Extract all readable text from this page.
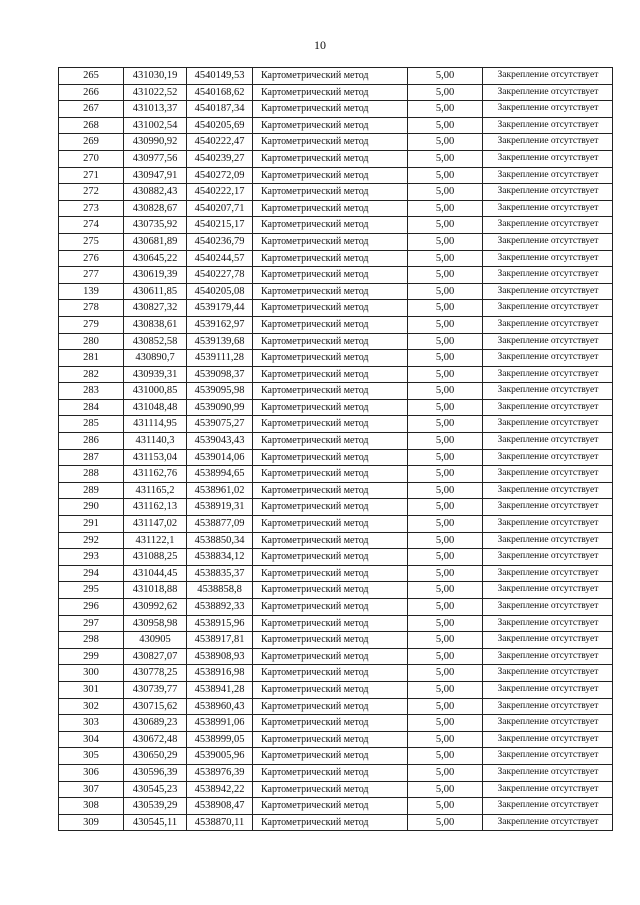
10
265	431030,19	4540149,53	Картометрический метод	5,00	Закрепление отсутствует
266	431022,52	4540168,62	Картометрический метод	5,00	Закрепление отсутствует
267	431013,37	4540187,34	Картометрический метод	5,00	Закрепление отсутствует
268	431002,54	4540205,69	Картометрический метод	5,00	Закрепление отсутствует
269	430990,92	4540222,47	Картометрический метод	5,00	Закрепление отсутствует
270	430977,56	4540239,27	Картометрический метод	5,00	Закрепление отсутствует
271	430947,91	4540272,09	Картометрический метод	5,00	Закрепление отсутствует
272	430882,43	4540222,17	Картометрический метод	5,00	Закрепление отсутствует
273	430828,67	4540207,71	Картометрический метод	5,00	Закрепление отсутствует
274	430735,92	4540215,17	Картометрический метод	5,00	Закрепление отсутствует
275	430681,89	4540236,79	Картометрический метод	5,00	Закрепление отсутствует
276	430645,22	4540244,57	Картометрический метод	5,00	Закрепление отсутствует
277	430619,39	4540227,78	Картометрический метод	5,00	Закрепление отсутствует
139	430611,85	4540205,08	Картометрический метод	5,00	Закрепление отсутствует
278	430827,32	4539179,44	Картометрический метод	5,00	Закрепление отсутствует
279	430838,61	4539162,97	Картометрический метод	5,00	Закрепление отсутствует
280	430852,58	4539139,68	Картометрический метод	5,00	Закрепление отсутствует
281	430890,7	4539111,28	Картометрический метод	5,00	Закрепление отсутствует
282	430939,31	4539098,37	Картометрический метод	5,00	Закрепление отсутствует
283	431000,85	4539095,98	Картометрический метод	5,00	Закрепление отсутствует
284	431048,48	4539090,99	Картометрический метод	5,00	Закрепление отсутствует
285	431114,95	4539075,27	Картометрический метод	5,00	Закрепление отсутствует
286	431140,3	4539043,43	Картометрический метод	5,00	Закрепление отсутствует
287	431153,04	4539014,06	Картометрический метод	5,00	Закрепление отсутствует
288	431162,76	4538994,65	Картометрический метод	5,00	Закрепление отсутствует
289	431165,2	4538961,02	Картометрический метод	5,00	Закрепление отсутствует
290	431162,13	4538919,31	Картометрический метод	5,00	Закрепление отсутствует
291	431147,02	4538877,09	Картометрический метод	5,00	Закрепление отсутствует
292	431122,1	4538850,34	Картометрический метод	5,00	Закрепление отсутствует
293	431088,25	4538834,12	Картометрический метод	5,00	Закрепление отсутствует
294	431044,45	4538835,37	Картометрический метод	5,00	Закрепление отсутствует
295	431018,88	4538858,8	Картометрический метод	5,00	Закрепление отсутствует
296	430992,62	4538892,33	Картометрический метод	5,00	Закрепление отсутствует
297	430958,98	4538915,96	Картометрический метод	5,00	Закрепление отсутствует
298	430905	4538917,81	Картометрический метод	5,00	Закрепление отсутствует
299	430827,07	4538908,93	Картометрический метод	5,00	Закрепление отсутствует
300	430778,25	4538916,98	Картометрический метод	5,00	Закрепление отсутствует
301	430739,77	4538941,28	Картометрический метод	5,00	Закрепление отсутствует
302	430715,62	4538960,43	Картометрический метод	5,00	Закрепление отсутствует
303	430689,23	4538991,06	Картометрический метод	5,00	Закрепление отсутствует
304	430672,48	4538999,05	Картометрический метод	5,00	Закрепление отсутствует
305	430650,29	4539005,96	Картометрический метод	5,00	Закрепление отсутствует
306	430596,39	4538976,39	Картометрический метод	5,00	Закрепление отсутствует
307	430545,23	4538942,22	Картометрический метод	5,00	Закрепление отсутствует
308	430539,29	4538908,47	Картометрический метод	5,00	Закрепление отсутствует
309	430545,11	4538870,11	Картометрический метод	5,00	Закрепление отсутствует
